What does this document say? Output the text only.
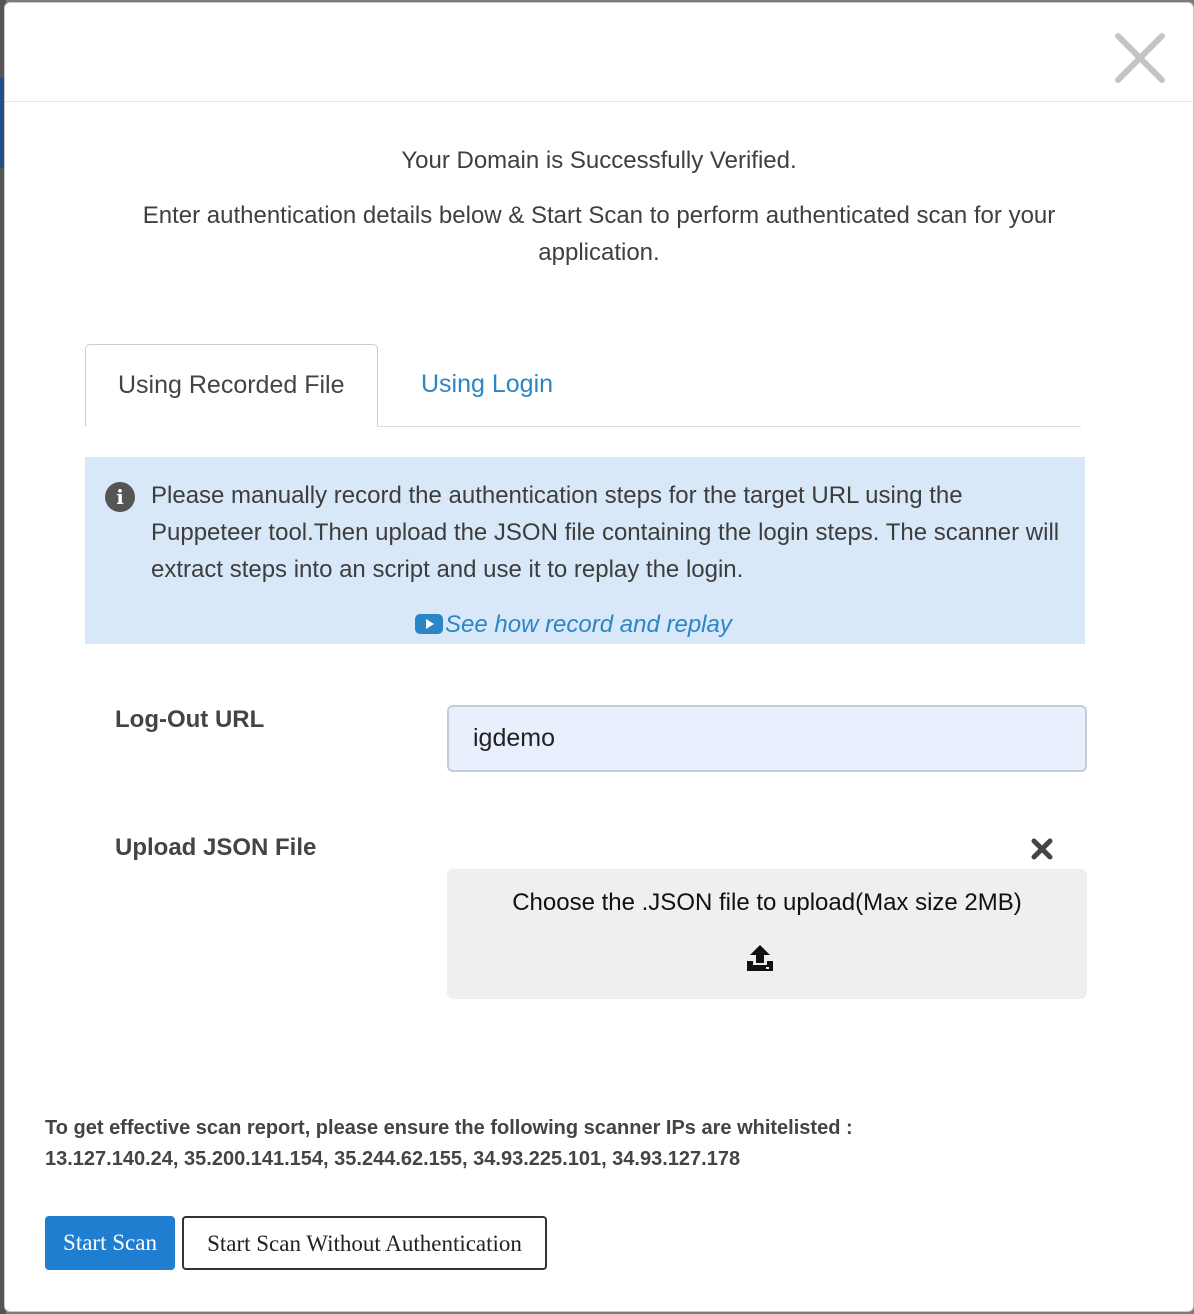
Your Domain is Successfully Verified.

Enter authentication details below & Start Scan to perform authenticated scan for your application.

Using Recorded File	Using Login
i	Please manually record the authentication steps for the target URL using the Puppeteer tool.Then upload the JSON file containing the login steps. The scanner will extract steps into an script and use it to replay the login.
See how record and replay
Log-Out URL
igdemo
Upload JSON File
Choose the .JSON file to upload(Max size 2MB)
To get effective scan report, please ensure the following scanner IPs are whitelisted :
13.127.140.24, 35.200.141.154, 35.244.62.155, 34.93.225.101, 34.93.127.178
Start Scan	Start Scan Without Authentication
